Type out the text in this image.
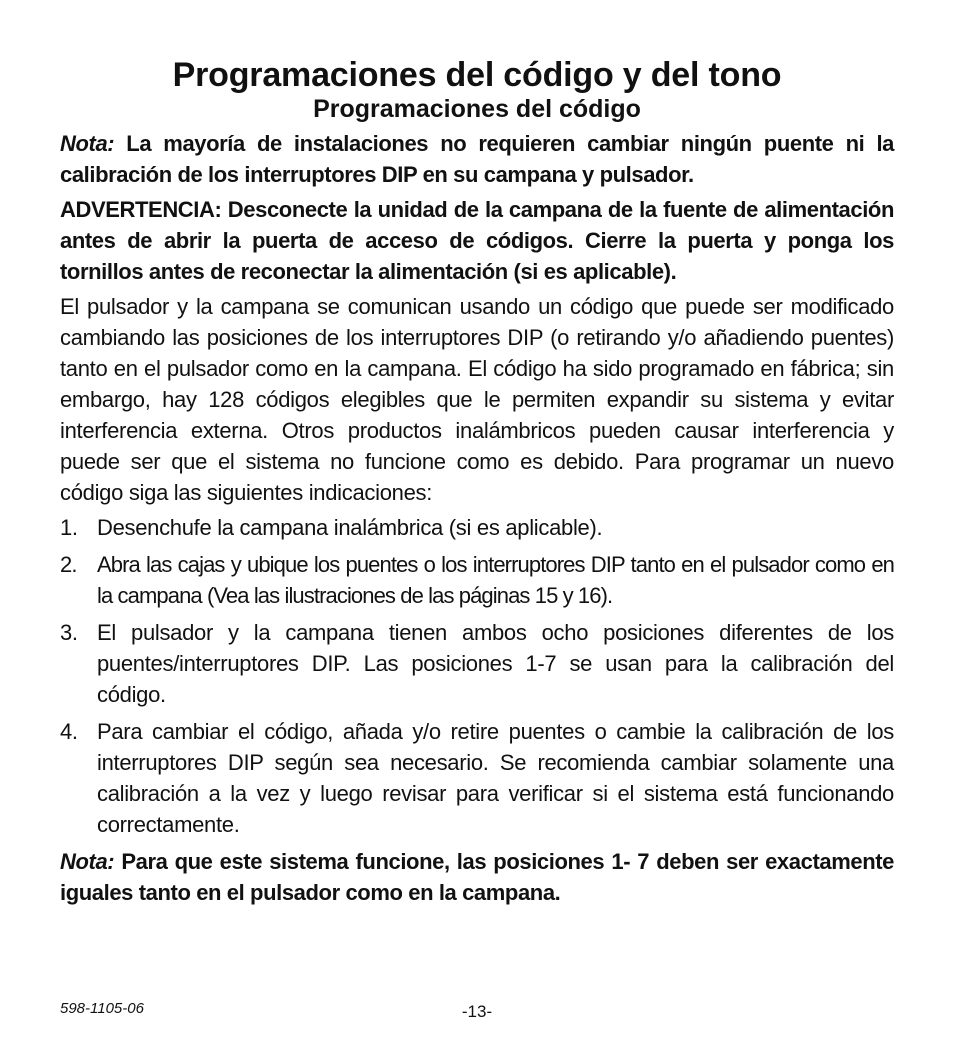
Programaciones del código y del tono
Programaciones del código
Nota: La mayoría de instalaciones no requieren cambiar ningún puente ni la calibración de los interruptores DIP en su campana y pulsador.
ADVERTENCIA: Desconecte la unidad de la campana de la fuente de alimentación antes de abrir la puerta de acceso de códigos. Cierre la puerta y ponga los tornillos antes de reconectar la alimentación (si es aplicable).

El pulsador y la campana se comunican usando un código que puede ser modificado cambiando las posiciones de los interruptores DIP (o retirando y/o añadiendo puentes) tanto en el pulsador como en la campana. El código ha sido programado en fábrica; sin embargo, hay 128 códigos elegibles que le permiten expandir su sistema y evitar interferencia externa. Otros productos inalámbricos pueden causar interferencia y puede ser que el sistema no funcione como es debido. Para programar un nuevo código siga las siguientes indicaciones:

1. Desenchufe la campana inalámbrica (si es aplicable).
2. Abra las cajas y ubique los puentes o los interruptores DIP tanto en el pulsador como en la campana (Vea las ilustraciones de las páginas 15 y 16).
3. El pulsador y la campana tienen ambos ocho posiciones diferentes de los puentes/interruptores DIP. Las posiciones 1-7 se usan para la calibración del código.
4. Para cambiar el código, añada y/o retire puentes o cambie la calibración de los interruptores DIP según sea necesario. Se recomienda cambiar solamente una calibración a la vez y luego revisar para verificar si el sistema está funcionando correctamente.
Nota: Para que este sistema funcione, las posiciones 1- 7 deben ser exactamente iguales tanto en el pulsador como en la campana.
598-1105-06	-13-
